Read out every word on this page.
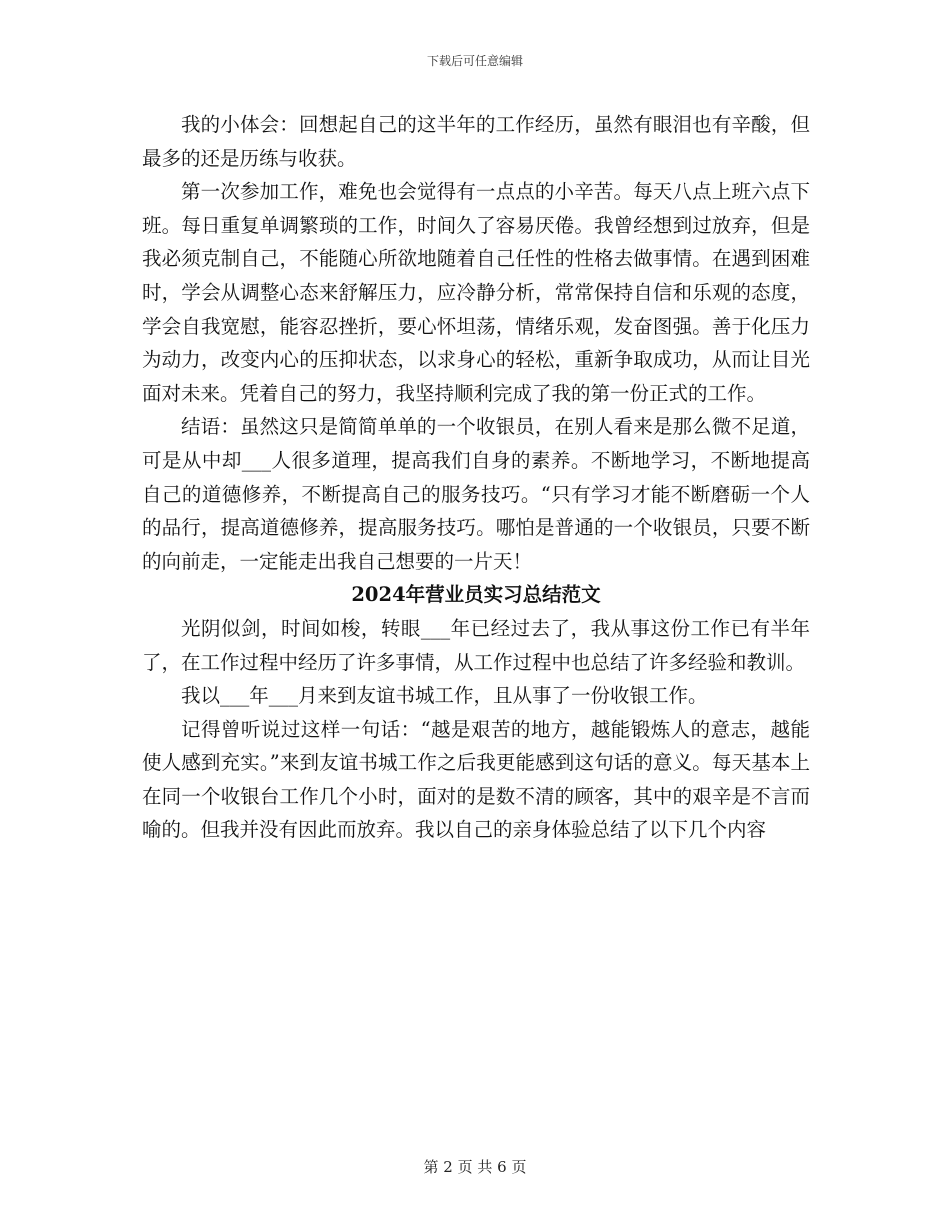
下载后可任意编辑

我的小体会：回想起自己的这半年的工作经历，虽然有眼泪也有辛酸，但最多的还是历练与收获。

第一次参加工作，难免也会觉得有一点点的小辛苦。每天八点上班六点下班。每日重复单调繁琐的工作，时间久了容易厌倦。我曾经想到过放弃，但是我必须克制自己，不能随心所欲地随着自己任性的性格去做事情。在遇到困难时，学会从调整心态来舒解压力，应冷静分析，常常保持自信和乐观的态度，学会自我宽慰，能容忍挫折，要心怀坦荡，情绪乐观，发奋图强。善于化压力为动力，改变内心的压抑状态，以求身心的轻松，重新争取成功，从而让目光面对未来。凭着自己的努力，我坚持顺利完成了我的第一份正式的工作。

结语：虽然这只是简简单单的一个收银员，在别人看来是那么微不足道，可是从中却___人很多道理，提高我们自身的素养。不断地学习，不断地提高自己的道德修养，不断提高自己的服务技巧。“只有学习才能不断磨砺一个人的品行，提高道德修养，提高服务技巧。哪怕是普通的一个收银员，只要不断的向前走，一定能走出我自己想要的一片天！

2024年营业员实习总结范文

光阴似剑，时间如梭，转眼___年已经过去了，我从事这份工作已有半年了，在工作过程中经历了许多事情，从工作过程中也总结了许多经验和教训。

我以___年___月来到友谊书城工作，且从事了一份收银工作。

记得曾听说过这样一句话：“越是艰苦的地方，越能锻炼人的意志，越能使人感到充实。”来到友谊书城工作之后我更能感到这句话的意义。每天基本上在同一个收银台工作几个小时，面对的是数不清的顾客，其中的艰辛是不言而喻的。但我并没有因此而放弃。我以自己的亲身体验总结了以下几个内容

第 2 页 共 6 页
